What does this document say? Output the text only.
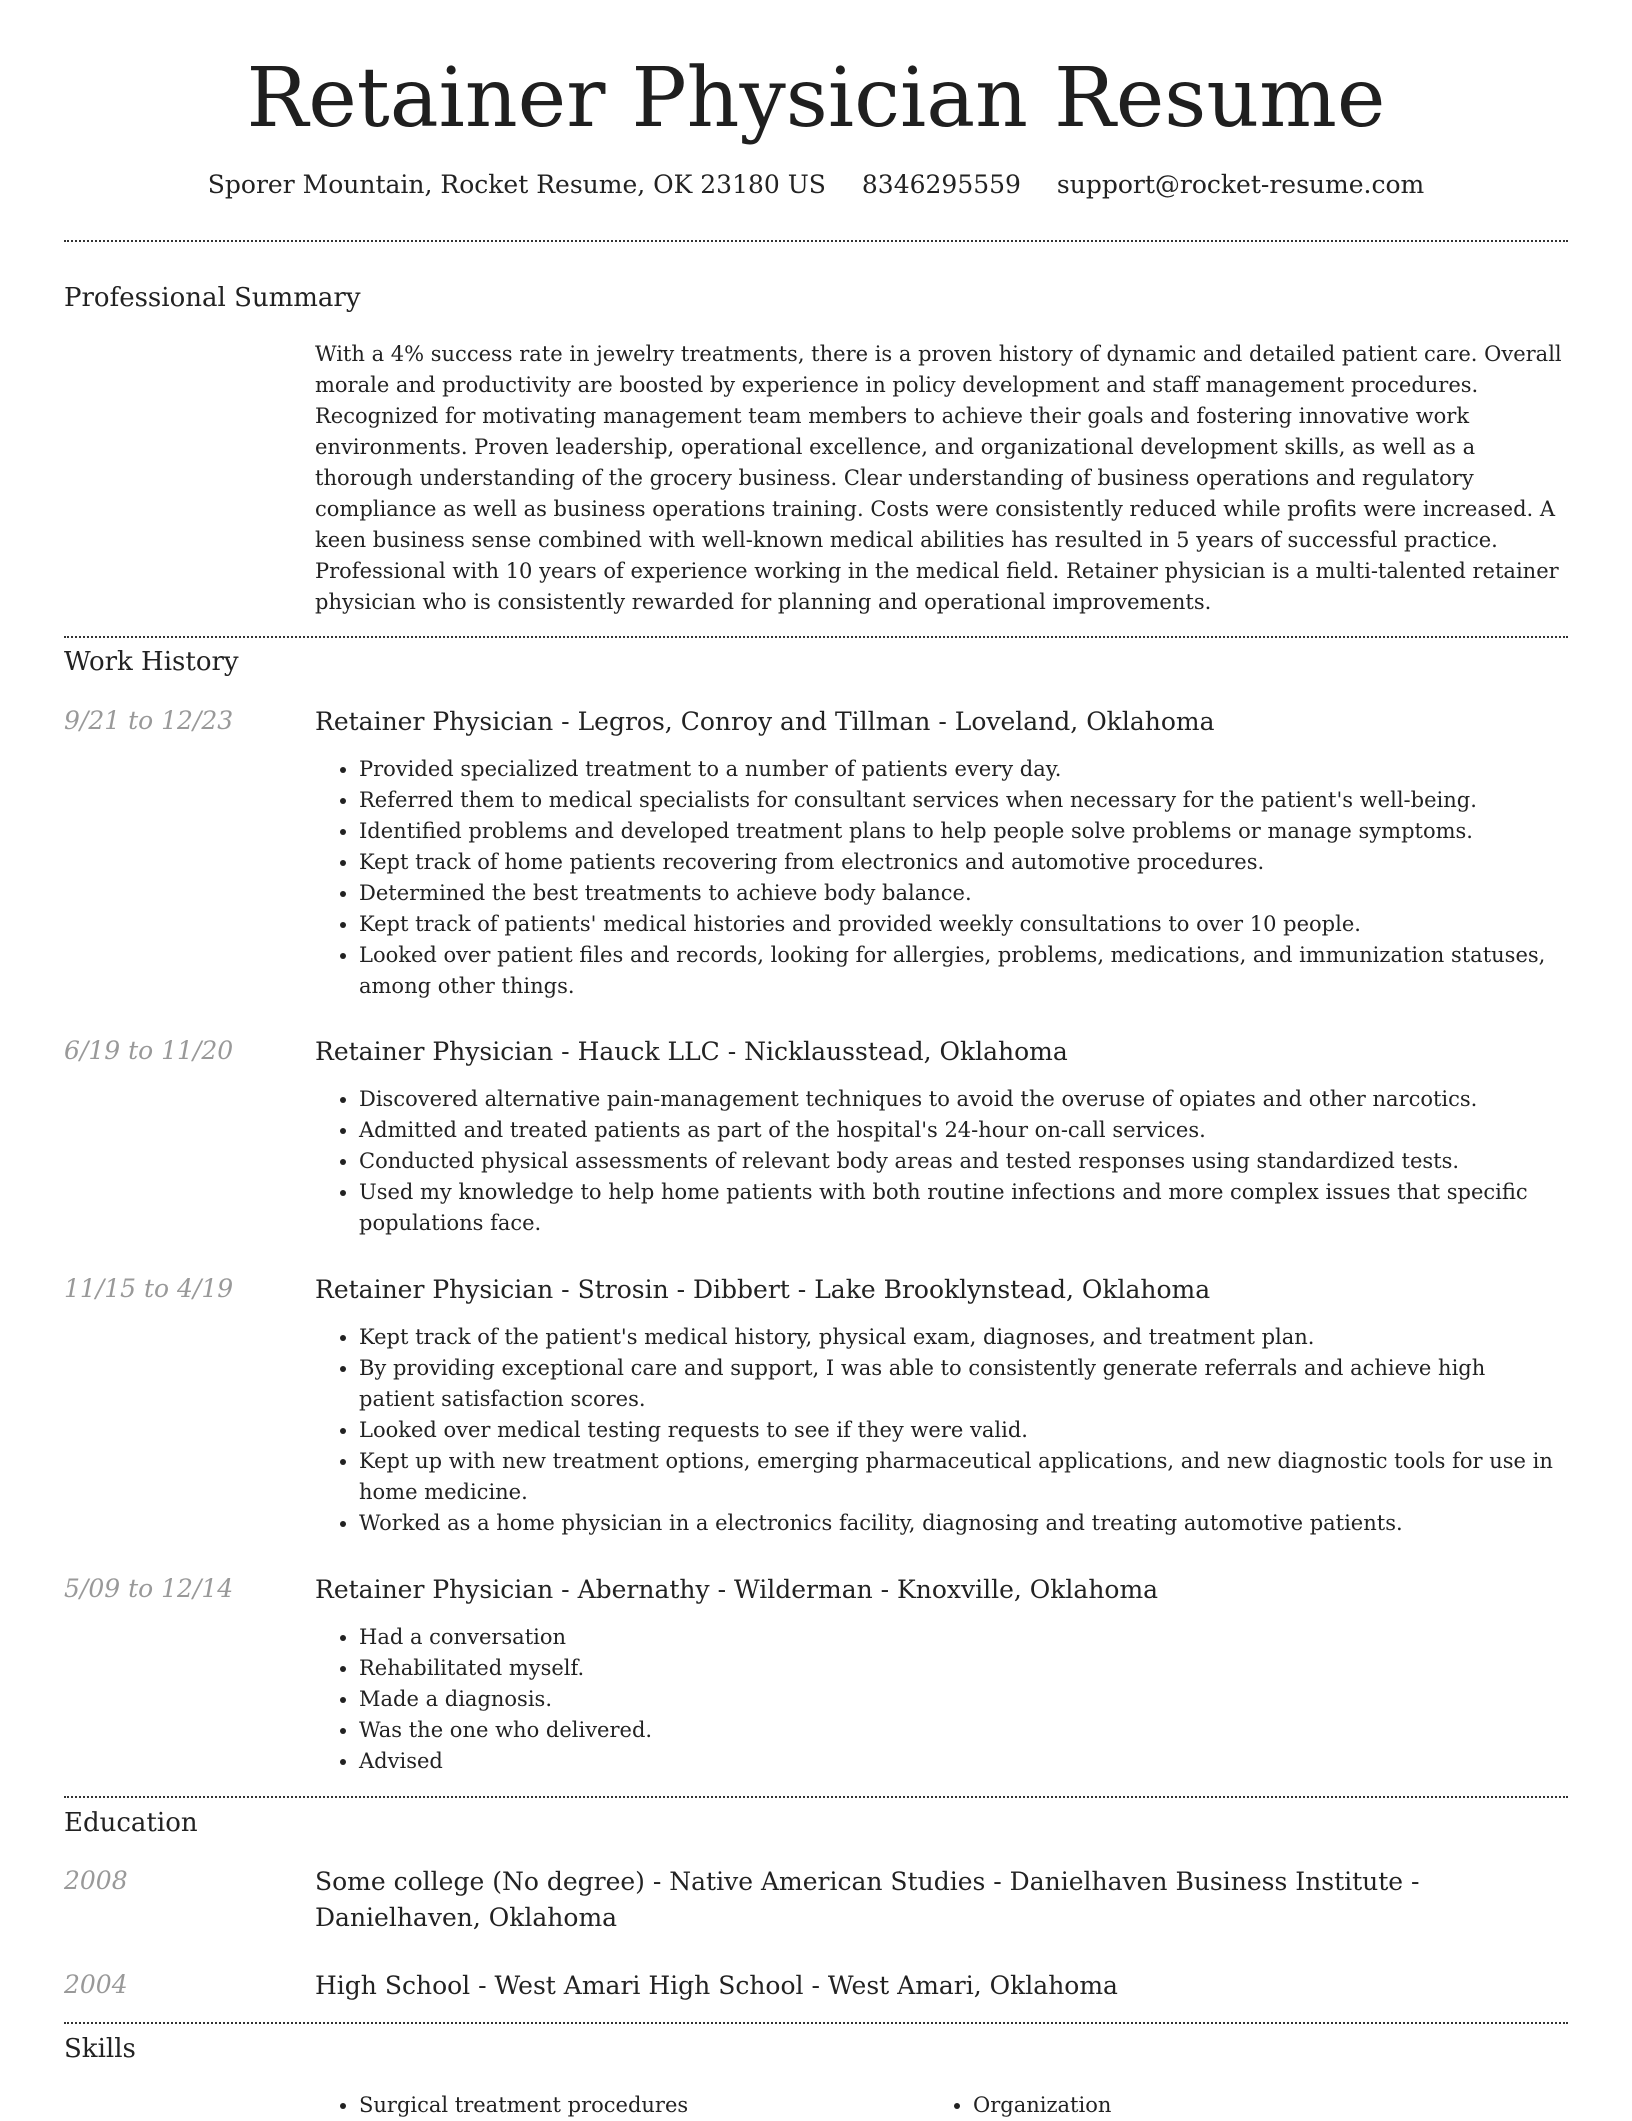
Retainer Physician Resume
Sporer Mountain, Rocket Resume, OK 23180 US 8346295559 support@rocket-resume.com
Professional Summary
With a 4% success rate in jewelry treatments, there is a proven history of dynamic and detailed patient care. Overall morale and productivity are boosted by experience in policy development and staff management procedures. Recognized for motivating management team members to achieve their goals and fostering innovative work environments. Proven leadership, operational excellence, and organizational development skills, as well as a thorough understanding of the grocery business. Clear understanding of business operations and regulatory compliance as well as business operations training. Costs were consistently reduced while profits were increased. A keen business sense combined with well-known medical abilities has resulted in 5 years of successful practice. Professional with 10 years of experience working in the medical field. Retainer physician is a multi-talented retainer physician who is consistently rewarded for planning and operational improvements.
Work History
9/21 to 12/23	Retainer Physician - Legros, Conroy and Tillman - Loveland, Oklahoma
• Provided specialized treatment to a number of patients every day.
• Referred them to medical specialists for consultant services when necessary for the patient's well-being.
• Identified problems and developed treatment plans to help people solve problems or manage symptoms.
• Kept track of home patients recovering from electronics and automotive procedures.
• Determined the best treatments to achieve body balance.
• Kept track of patients' medical histories and provided weekly consultations to over 10 people.
• Looked over patient files and records, looking for allergies, problems, medications, and immunization statuses, among other things.
6/19 to 11/20	Retainer Physician - Hauck LLC - Nicklausstead, Oklahoma
• Discovered alternative pain-management techniques to avoid the overuse of opiates and other narcotics.
• Admitted and treated patients as part of the hospital's 24-hour on-call services.
• Conducted physical assessments of relevant body areas and tested responses using standardized tests.
• Used my knowledge to help home patients with both routine infections and more complex issues that specific populations face.
11/15 to 4/19	Retainer Physician - Strosin - Dibbert - Lake Brooklynstead, Oklahoma
• Kept track of the patient's medical history, physical exam, diagnoses, and treatment plan.
• By providing exceptional care and support, I was able to consistently generate referrals and achieve high patient satisfaction scores.
• Looked over medical testing requests to see if they were valid.
• Kept up with new treatment options, emerging pharmaceutical applications, and new diagnostic tools for use in home medicine.
• Worked as a home physician in a electronics facility, diagnosing and treating automotive patients.
5/09 to 12/14	Retainer Physician - Abernathy - Wilderman - Knoxville, Oklahoma
• Had a conversation
• Rehabilitated myself.
• Made a diagnosis.
• Was the one who delivered.
• Advised
Education
2008	Some college (No degree) - Native American Studies - Danielhaven Business Institute - Danielhaven, Oklahoma
2004	High School - West Amari High School - West Amari, Oklahoma
Skills
• Surgical treatment procedures
•	Organization
